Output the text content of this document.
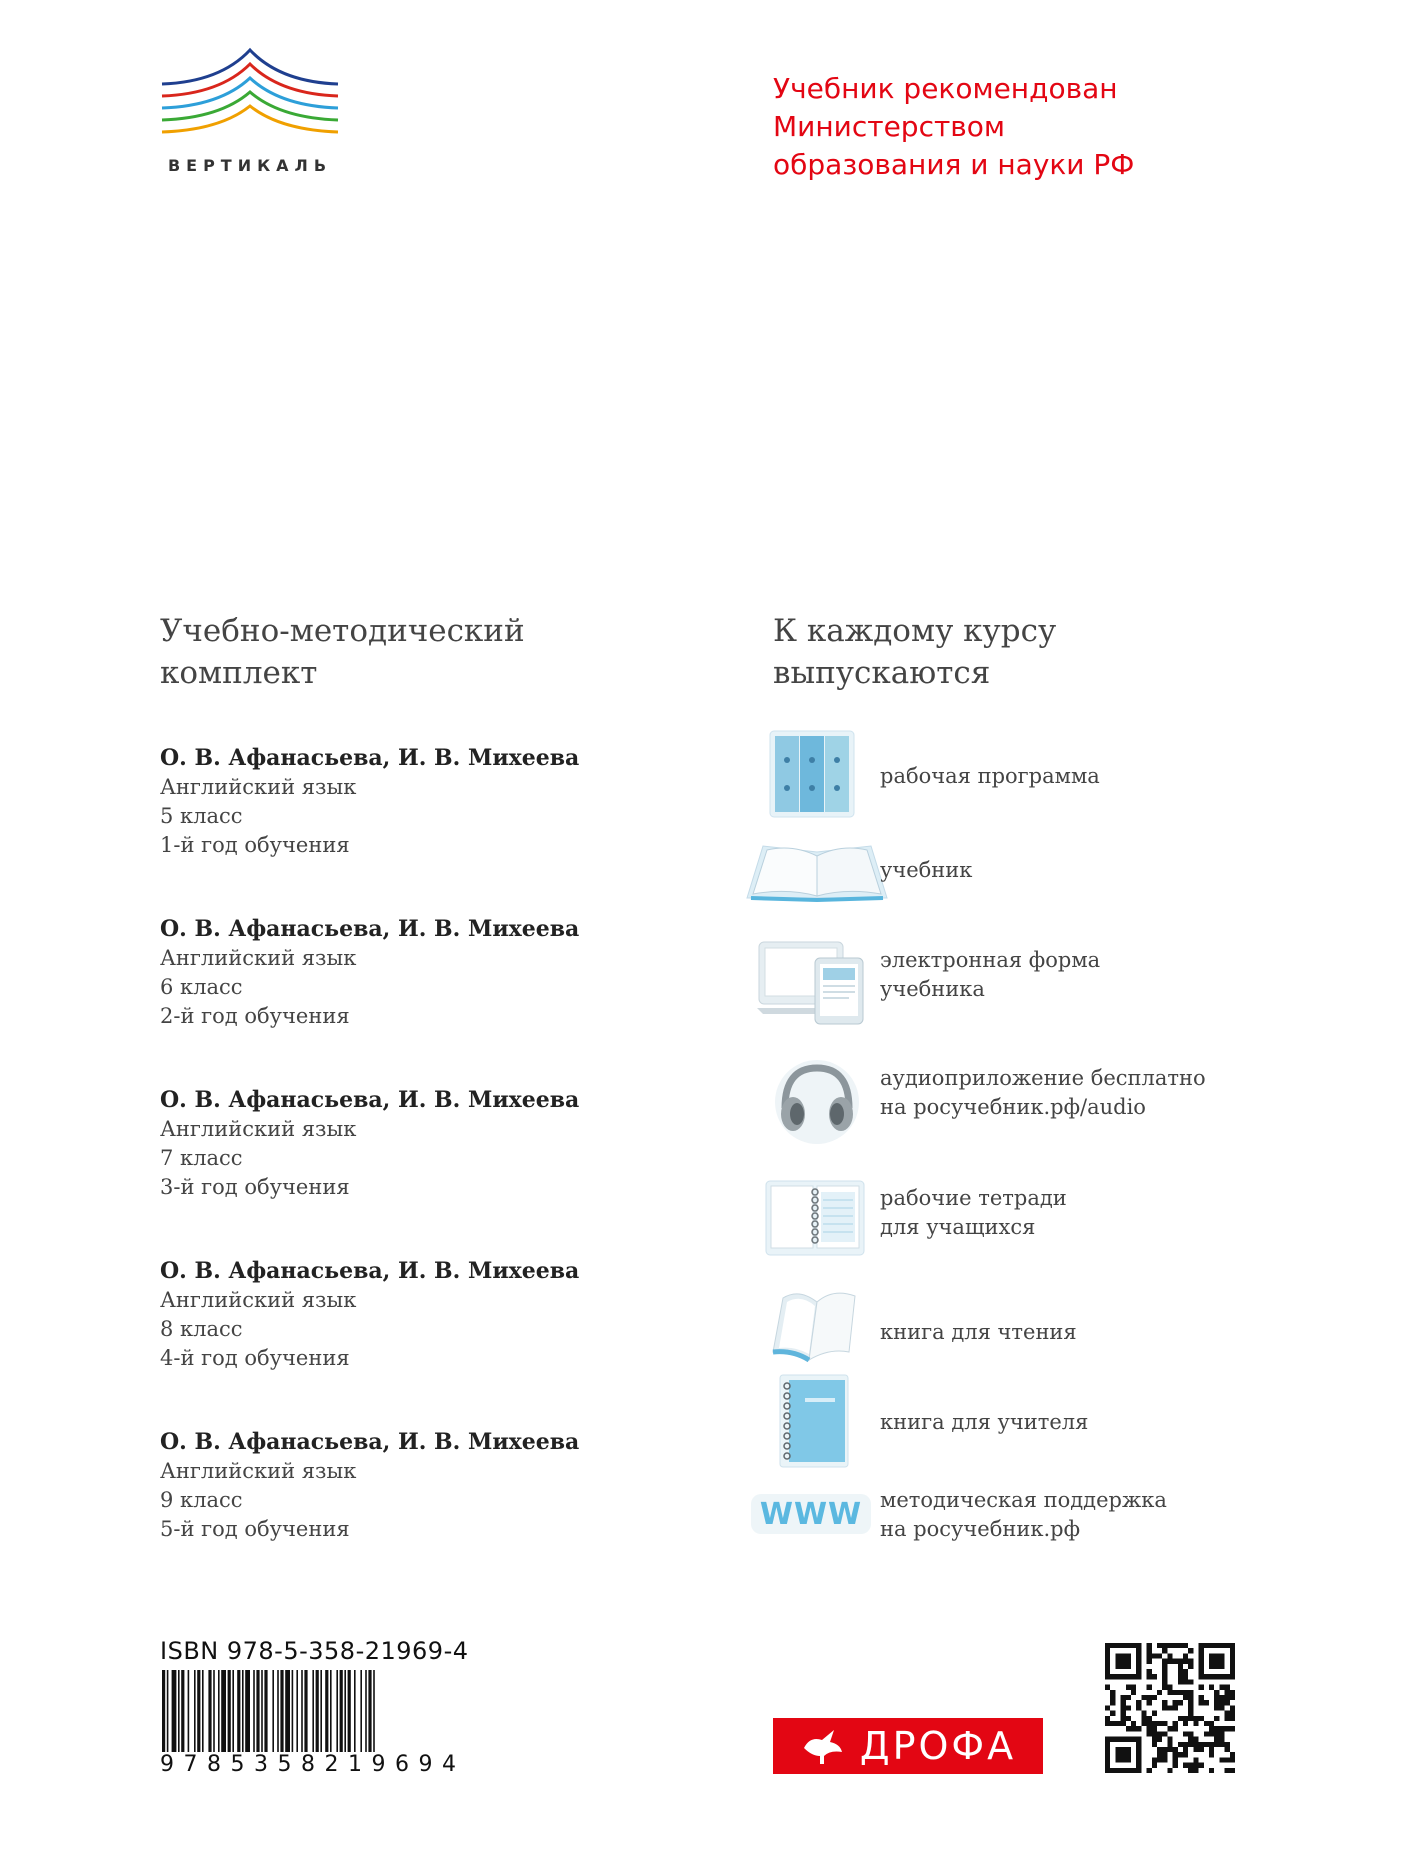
ВЕРТИКАЛЬ
Учебник рекомендован
Министерством
образования и науки РФ
Учебно-методический
комплект
К каждому курсу
выпускаются
О. В. Афанасьева, И. В. Михеева
Английский язык
5 класс
1-й год обучения
О. В. Афанасьева, И. В. Михеева
Английский язык
6 класс
2-й год обучения
О. В. Афанасьева, И. В. Михеева
Английский язык
7 класс
3-й год обучения
О. В. Афанасьева, И. В. Михеева
Английский язык
8 класс
4-й год обучения
О. В. Афанасьева, И. В. Михеева
Английский язык
9 класс
5-й год обучения
рабочая программа
учебник
электронная форма
учебника
аудиоприложение бесплатно
на росучебник.рф/audio
рабочие тетради
для учащихся
книга для чтения
книга для учителя
WWW методическая поддержка
на росучебник.рф
ISBN 978-5-358-21969-4
9785358219694	ДРОФА
